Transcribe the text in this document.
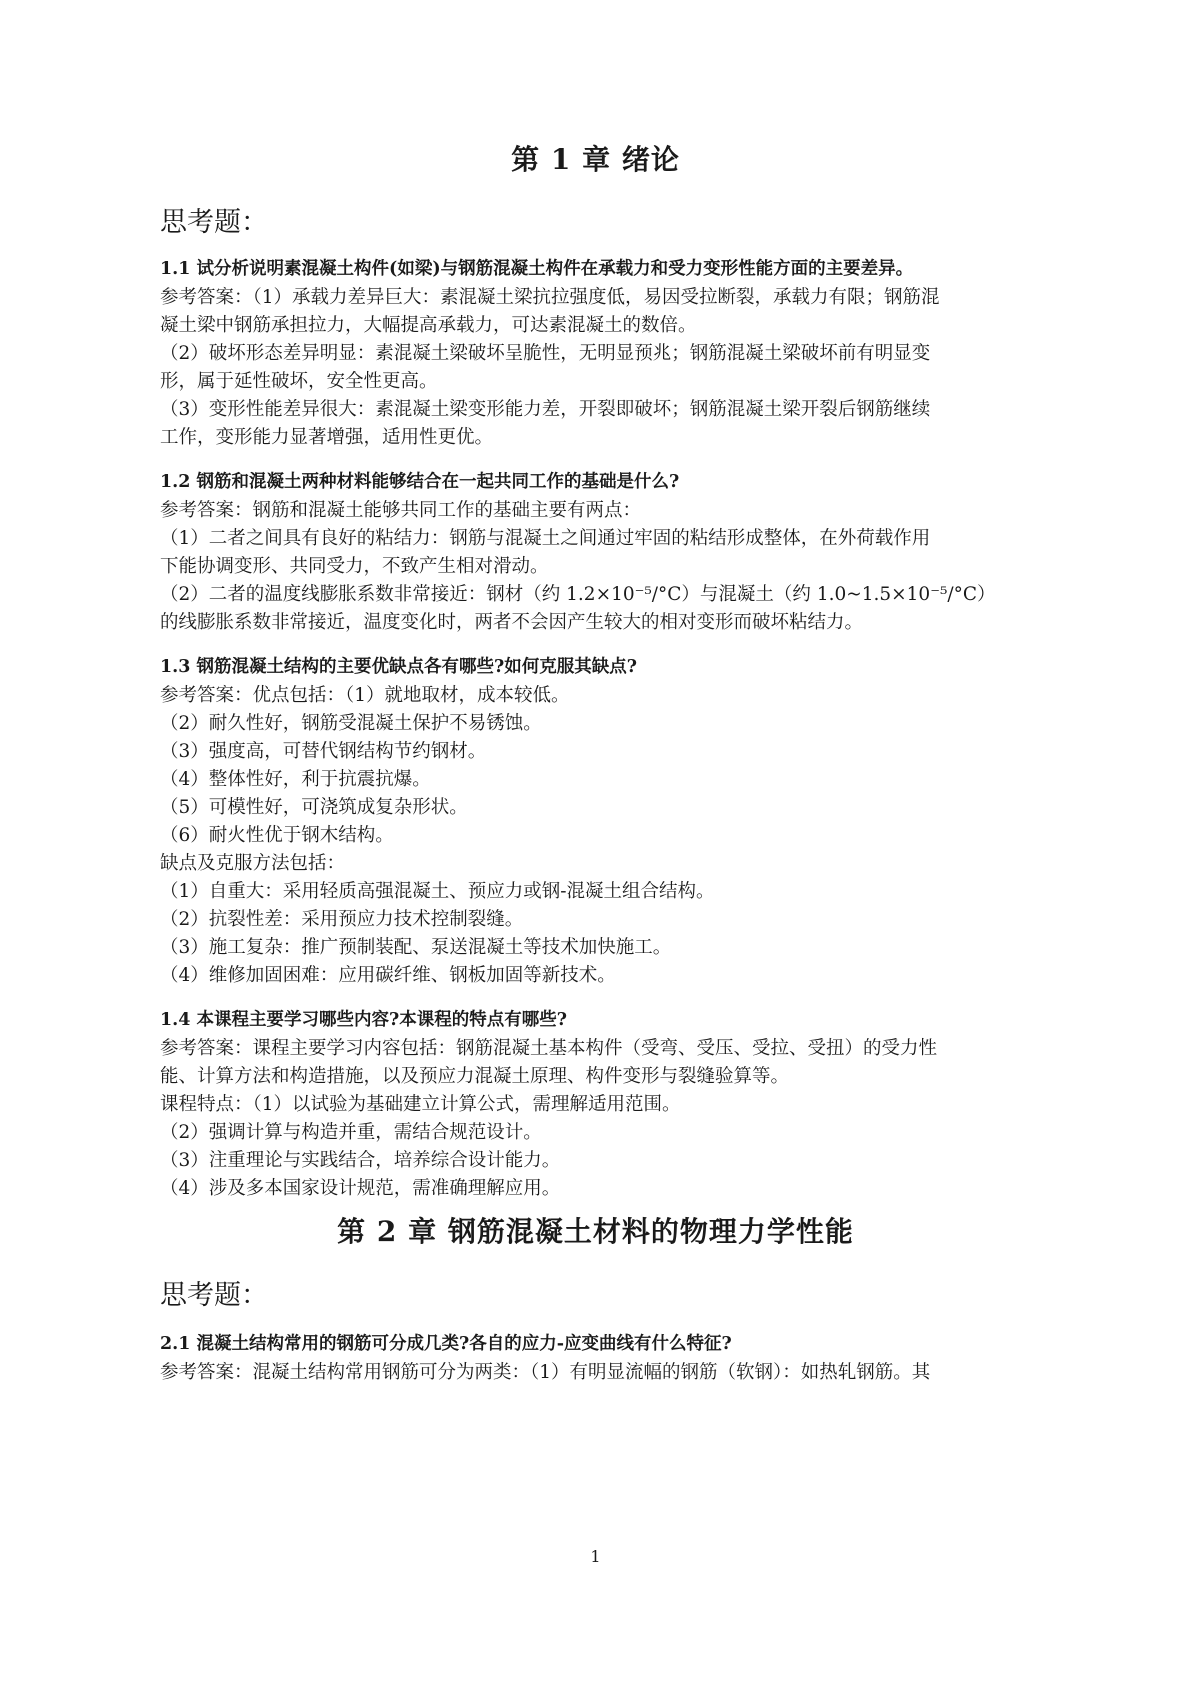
第 1 章 绪论
思考题：
1.1 试分析说明素混凝土构件(如梁)与钢筋混凝土构件在承载力和受力变形性能方面的主要差异。
参考答案：（1）承载力差异巨大：素混凝土梁抗拉强度低，易因受拉断裂，承载力有限；钢筋混
凝土梁中钢筋承担拉力，大幅提高承载力，可达素混凝土的数倍。
（2）破坏形态差异明显：素混凝土梁破坏呈脆性，无明显预兆；钢筋混凝土梁破坏前有明显变
形，属于延性破坏，安全性更高。
（3）变形性能差异很大：素混凝土梁变形能力差，开裂即破坏；钢筋混凝土梁开裂后钢筋继续
工作，变形能力显著增强，适用性更优。
1.2 钢筋和混凝土两种材料能够结合在一起共同工作的基础是什么?
参考答案：钢筋和混凝土能够共同工作的基础主要有两点：
（1）二者之间具有良好的粘结力：钢筋与混凝土之间通过牢固的粘结形成整体，在外荷载作用
下能协调变形、共同受力，不致产生相对滑动。
（2）二者的温度线膨胀系数非常接近：钢材（约 1.2×10⁻⁵/°C）与混凝土（约 1.0~1.5×10⁻⁵/°C）
的线膨胀系数非常接近，温度变化时，两者不会因产生较大的相对变形而破坏粘结力。
1.3 钢筋混凝土结构的主要优缺点各有哪些?如何克服其缺点?
参考答案：优点包括：（1）就地取材，成本较低。
（2）耐久性好，钢筋受混凝土保护不易锈蚀。
（3）强度高，可替代钢结构节约钢材。
（4）整体性好，利于抗震抗爆。
（5）可模性好，可浇筑成复杂形状。
（6）耐火性优于钢木结构。
缺点及克服方法包括：
（1）自重大：采用轻质高强混凝土、预应力或钢-混凝土组合结构。
（2）抗裂性差：采用预应力技术控制裂缝。
（3）施工复杂：推广预制装配、泵送混凝土等技术加快施工。
（4）维修加固困难：应用碳纤维、钢板加固等新技术。
1.4 本课程主要学习哪些内容?本课程的特点有哪些?
参考答案：课程主要学习内容包括：钢筋混凝土基本构件（受弯、受压、受拉、受扭）的受力性
能、计算方法和构造措施，以及预应力混凝土原理、构件变形与裂缝验算等。
课程特点：（1）以试验为基础建立计算公式，需理解适用范围。
（2）强调计算与构造并重，需结合规范设计。
（3）注重理论与实践结合，培养综合设计能力。
（4）涉及多本国家设计规范，需准确理解应用。
第 2 章 钢筋混凝土材料的物理力学性能
思考题：
2.1 混凝土结构常用的钢筋可分成几类?各自的应力-应变曲线有什么特征?
参考答案：混凝土结构常用钢筋可分为两类：（1）有明显流幅的钢筋（软钢）：如热轧钢筋。其
1
